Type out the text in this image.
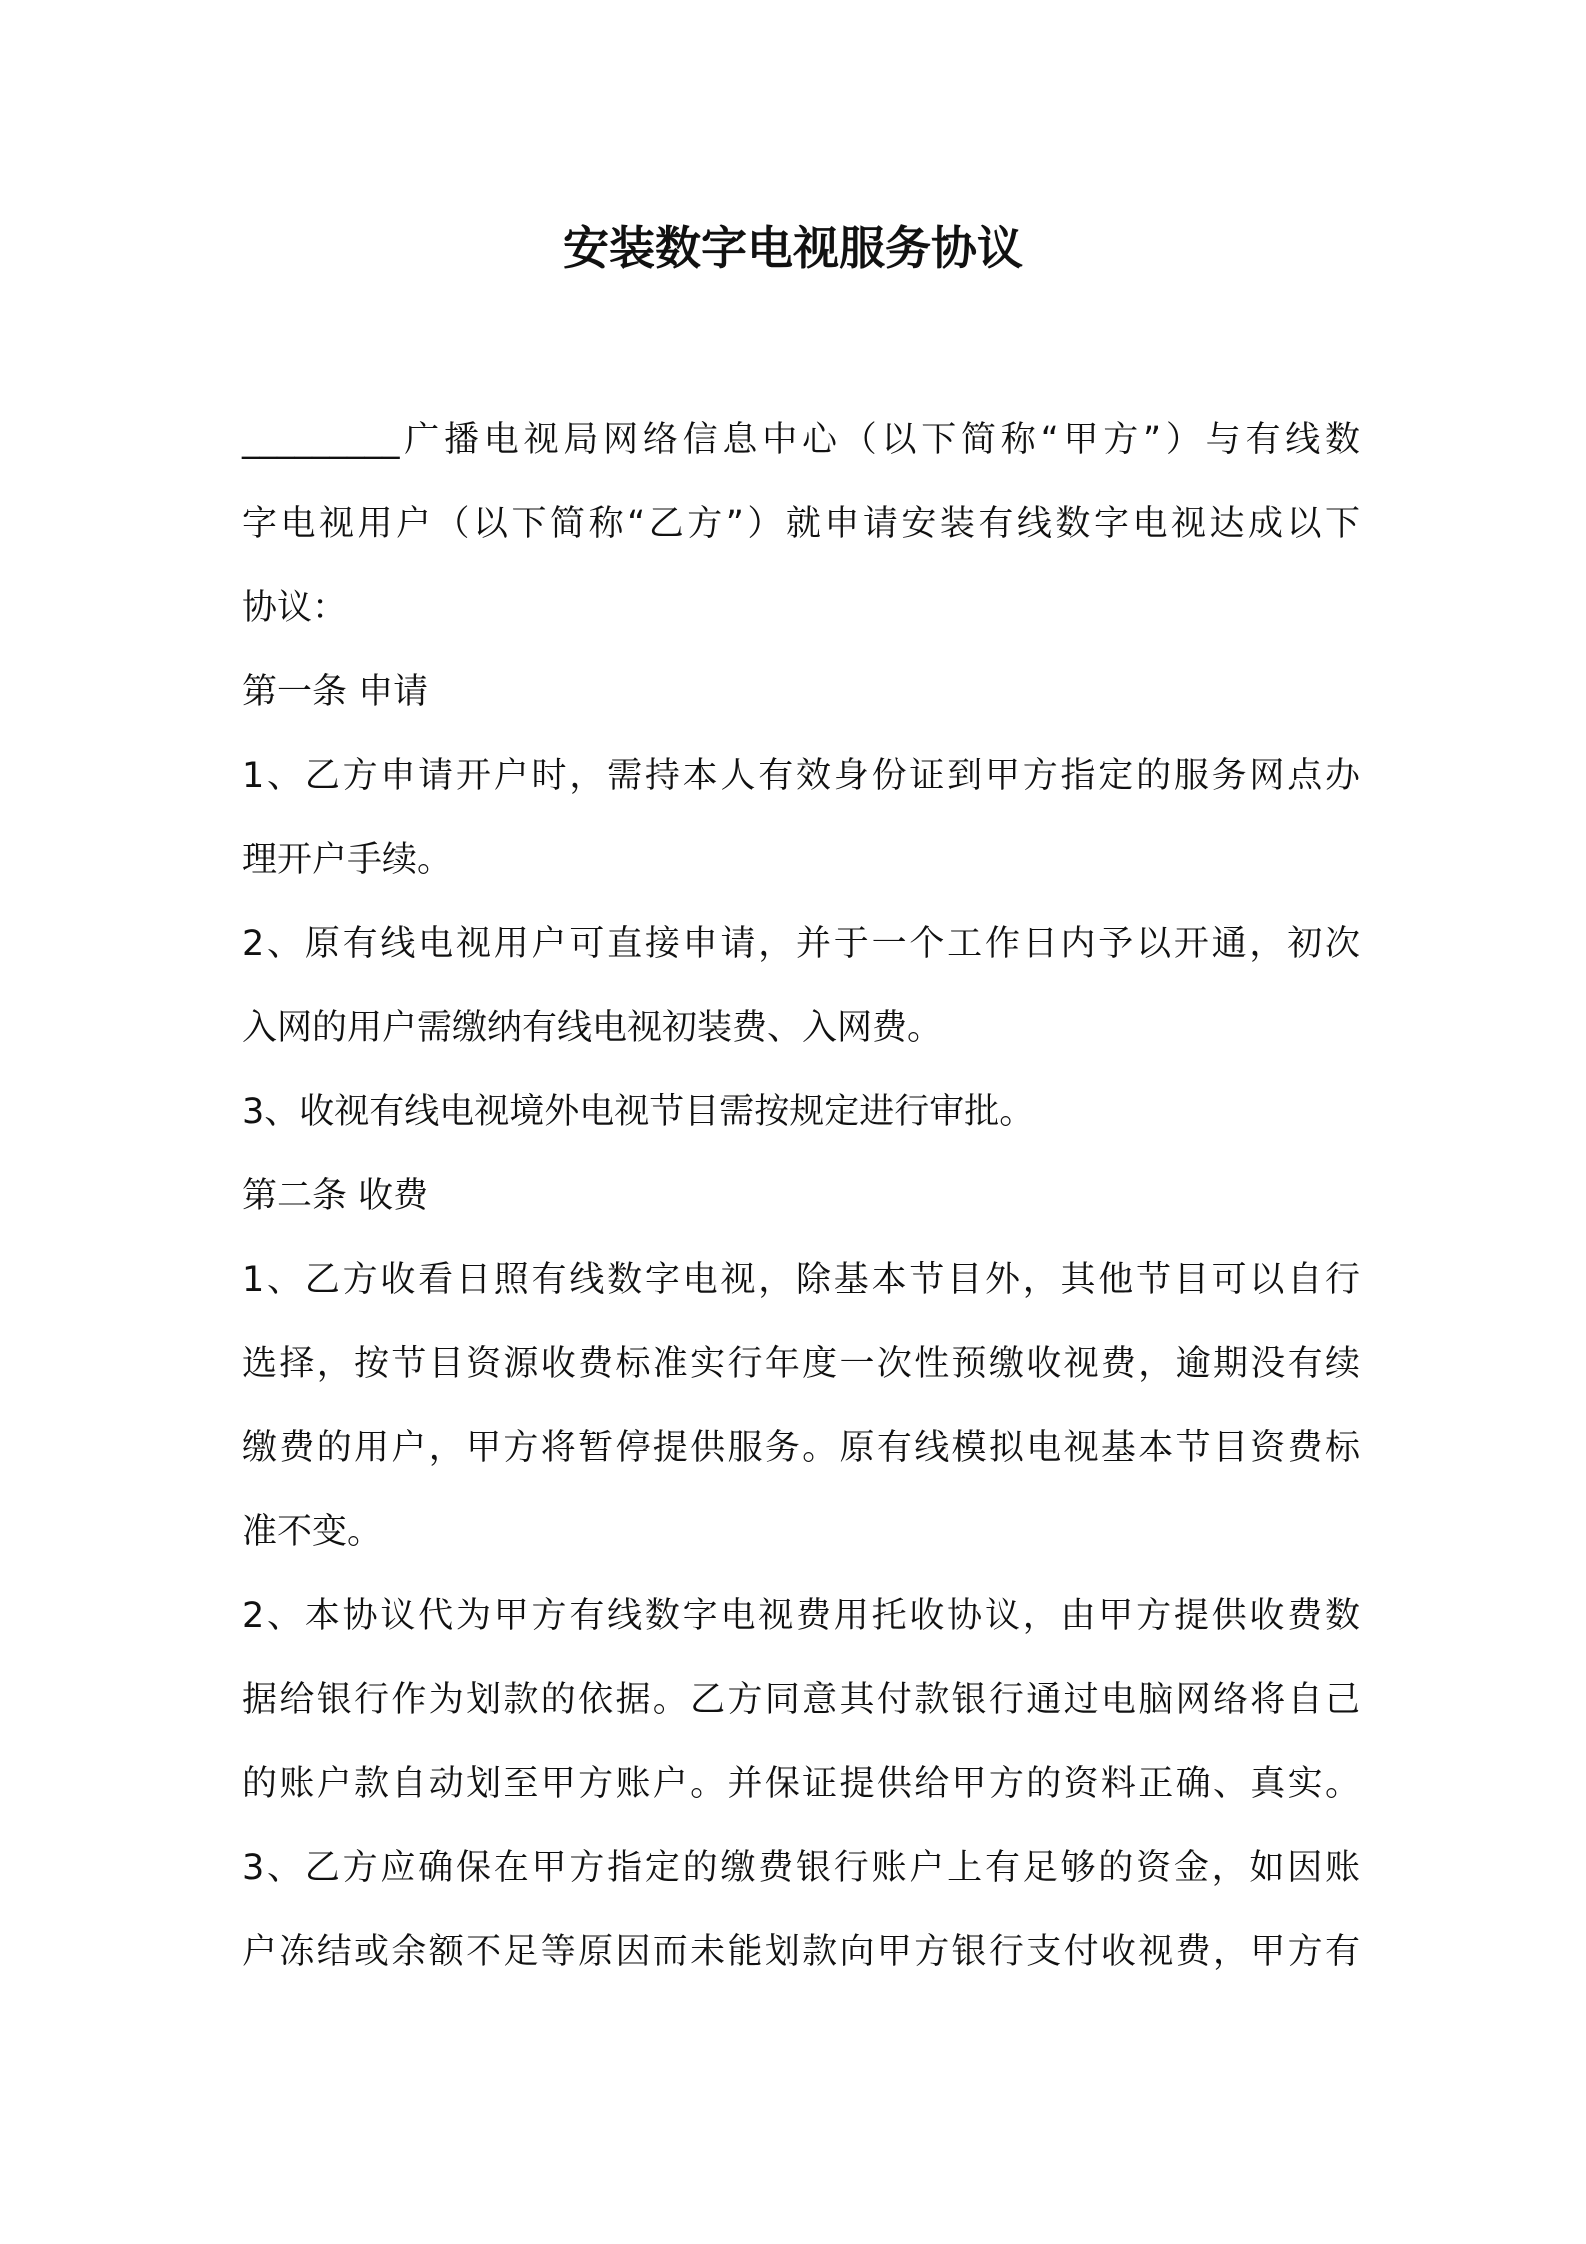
安装数字电视服务协议

_________广播电视局网络信息中心（以下简称“甲方”）与有线数

字电视用户（以下简称“乙方”）就申请安装有线数字电视达成以下

协议：

第一条 申请

1、乙方申请开户时，需持本人有效身份证到甲方指定的服务网点办

理开户手续。

2、原有线电视用户可直接申请，并于一个工作日内予以开通，初次

入网的用户需缴纳有线电视初装费、入网费。

3、收视有线电视境外电视节目需按规定进行审批。

第二条 收费

1、乙方收看日照有线数字电视，除基本节目外，其他节目可以自行

选择，按节目资源收费标准实行年度一次性预缴收视费，逾期没有续

缴费的用户，甲方将暂停提供服务。原有线模拟电视基本节目资费标

准不变。

2、本协议代为甲方有线数字电视费用托收协议，由甲方提供收费数

据给银行作为划款的依据。乙方同意其付款银行通过电脑网络将自己

的账户款自动划至甲方账户。并保证提供给甲方的资料正确、真实。

3、乙方应确保在甲方指定的缴费银行账户上有足够的资金，如因账

户冻结或余额不足等原因而未能划款向甲方银行支付收视费，甲方有
